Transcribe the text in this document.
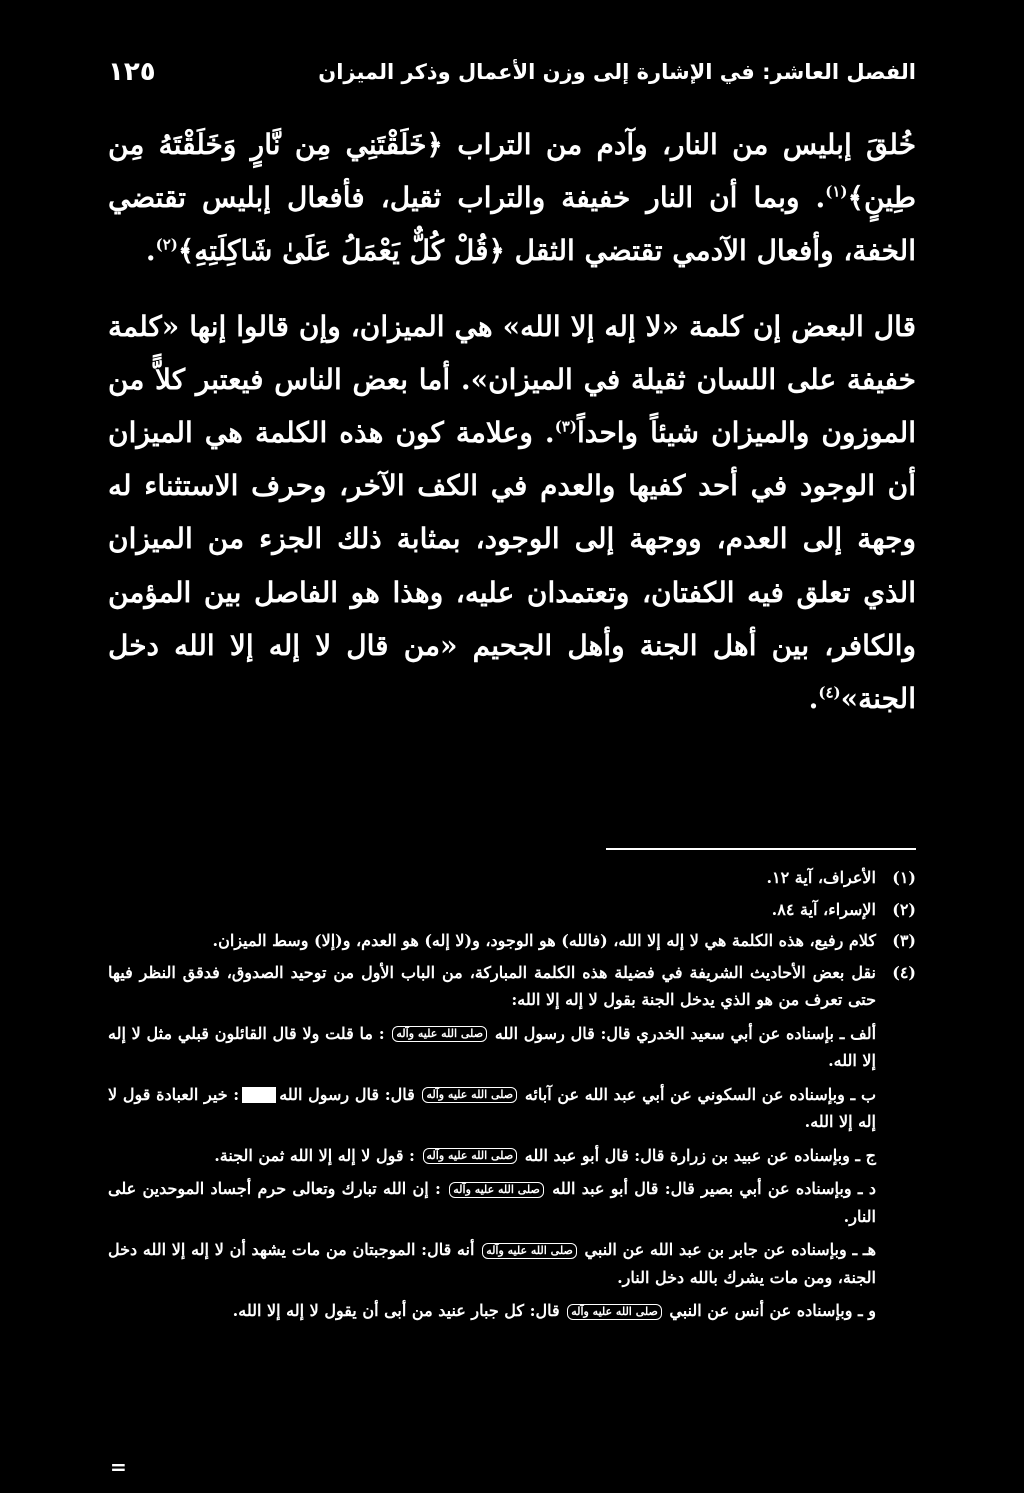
الفصل العاشر: في الإشارة إلى وزن الأعمال وذكر الميزان
١٢٥

خُلقَ إبليس من النار، وآدم من التراب ﴿خَلَقْتَنِي مِن نَّارٍ وَخَلَقْتَهُ مِن طِينٍ﴾$^{(١)}$. وبما أن النار خفيفة والتراب ثقيل، فأفعال إبليس تقتضي الخفة، وأفعال الآدمي تقتضي الثقل ﴿قُلْ كُلٌّ يَعْمَلُ عَلَىٰ شَاكِلَتِهِ﴾$^{(٢)}$.

قال البعض إن كلمة «لا إله إلا الله» هي الميزان، وإن قالوا إنها «كلمة خفيفة على اللسان ثقيلة في الميزان». أما بعض الناس فيعتبر كلاًّ من الموزون والميزان شيئاً واحداً$^{(٣)}$. وعلامة كون هذه الكلمة هي الميزان أن الوجود في أحد كفيها والعدم في الكف الآخر، وحرف الاستثناء له وجهة إلى العدم، ووجهة إلى الوجود، بمثابة ذلك الجزء من الميزان الذي تعلق فيه الكفتان، وتعتمدان عليه، وهذا هو الفاصل بين المؤمن والكافر، بين أهل الجنة وأهل الجحيم «من قال لا إله إلا الله دخل الجنة»$^{(٤)}$.

(١)
الأعراف، آية ١٢.
(٢)
الإسراء، آية ٨٤.
(٣)
كلام رفيع، هذه الكلمة هي لا إله إلا الله، (فالله) هو الوجود، و(لا إله) هو العدم، و(إلا) وسط الميزان.
(٤)

نقل بعض الأحاديث الشريفة في فضيلة هذه الكلمة المباركة، من الباب الأول من توحيد الصدوق، فدقق النظر فيها حتى تعرف من هو الذي يدخل الجنة بقول لا إله إلا الله:

ألف ـ بإسناده عن أبي سعيد الخدري قال: قال رسول الله صلى الله عليه وآله : ما قلت ولا قال القائلون قبلي مثل لا إله إلا الله.

ب ـ وبإسناده عن السكوني عن أبي عبد الله عن آبائه صلى الله عليه وآله قال: قال رسول الله: خير العبادة قول لا إله إلا الله.

ج ـ وبإسناده عن عبيد بن زرارة قال: قال أبو عبد الله صلى الله عليه وآله : قول لا إله إلا الله ثمن الجنة.

د ـ وبإسناده عن أبي بصير قال: قال أبو عبد الله صلى الله عليه وآله : إن الله تبارك وتعالى حرم أجساد الموحدين على النار.

هـ ـ وبإسناده عن جابر بن عبد الله عن النبي صلى الله عليه وآله أنه قال: الموجبتان من مات يشهد أن لا إله إلا الله دخل الجنة، ومن مات يشرك بالله دخل النار.

و ـ وبإسناده عن أنس عن النبي صلى الله عليه وآله قال: كل جبار عنيد من أبى أن يقول لا إله إلا الله.

=
